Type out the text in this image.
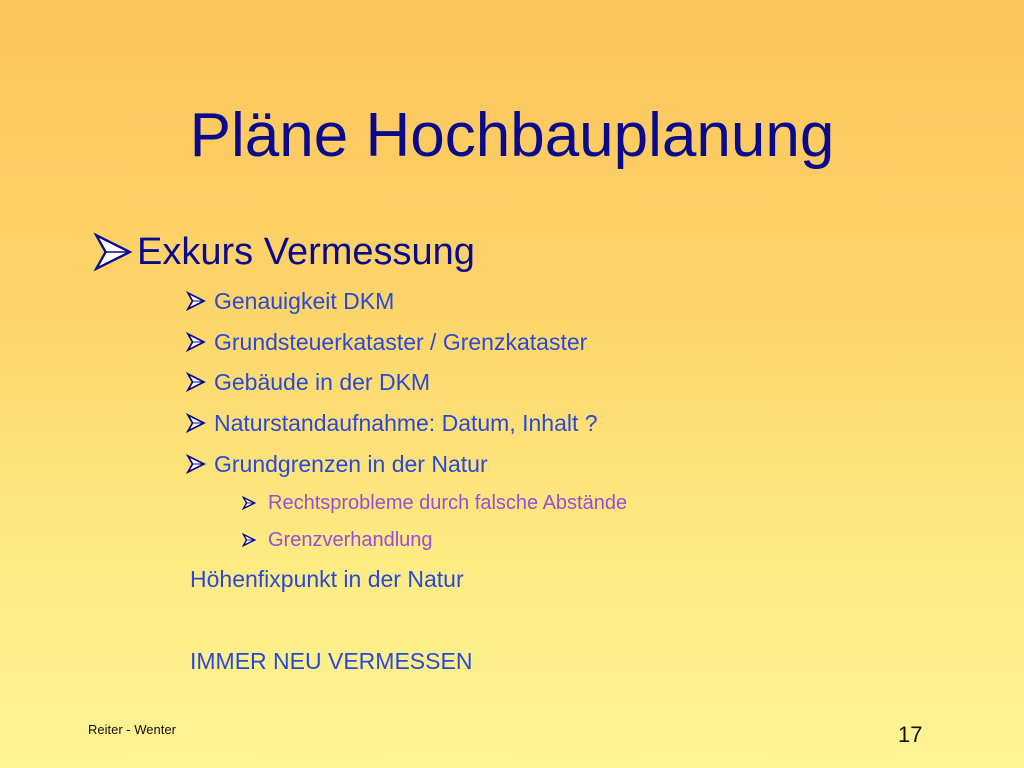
Pläne Hochbauplanung
Exkurs Vermessung
Genauigkeit DKM
Grundsteuerkataster / Grenzkataster
Gebäude in der DKM
Naturstandaufnahme: Datum, Inhalt ?
Grundgrenzen in der Natur
Rechtsprobleme durch falsche Abstände
Grenzverhandlung
Höhenfixpunkt in der Natur
IMMER NEU VERMESSEN
Reiter - Wenter	17
